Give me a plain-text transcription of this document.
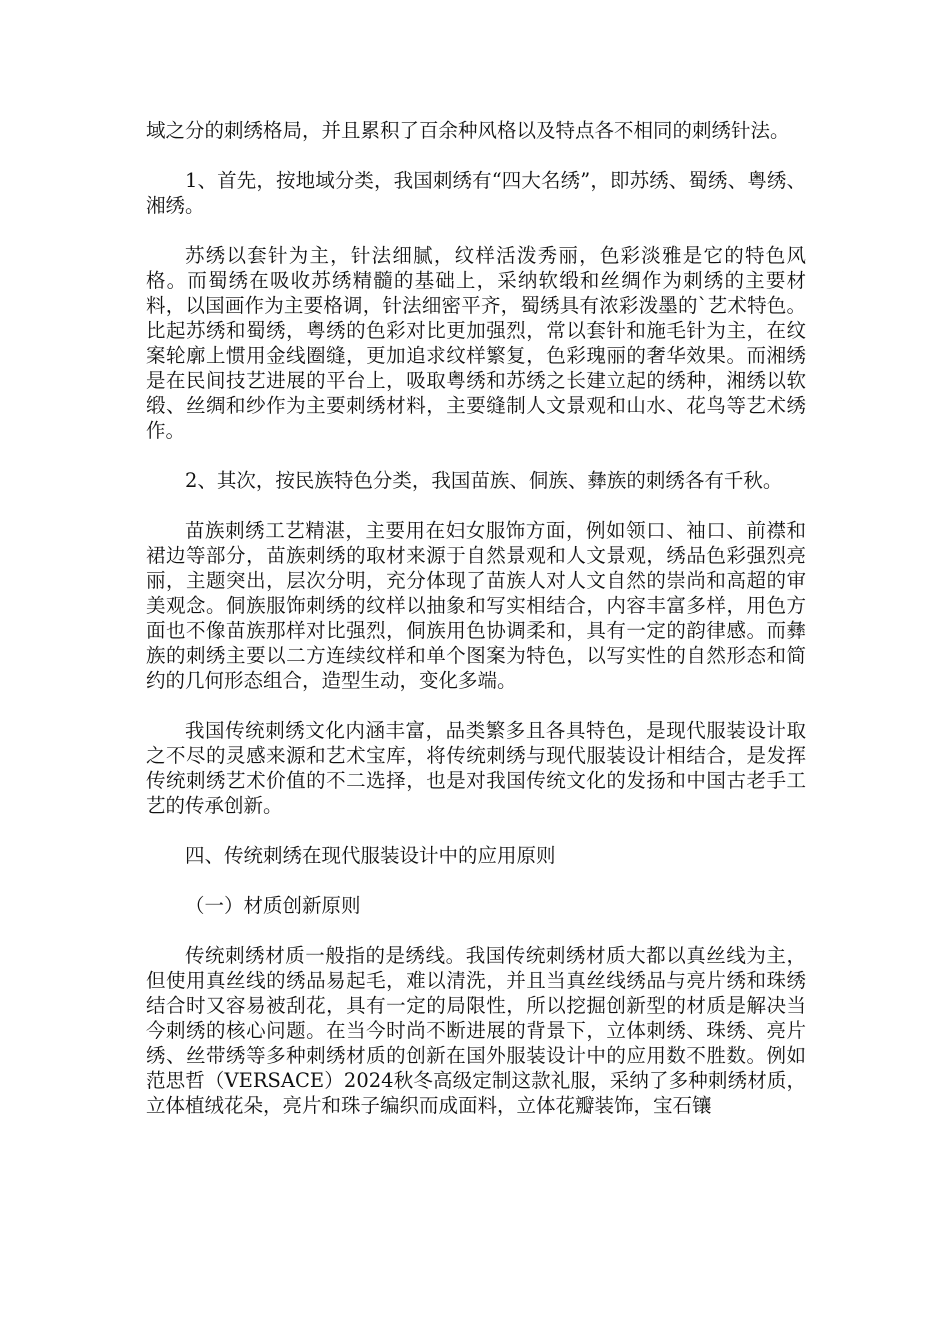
域之分的刺绣格局，并且累积了百余种风格以及特点各不相同的刺绣针法。

1、首先，按地域分类，我国刺绣有“四大名绣”，即苏绣、蜀绣、粤绣、湘绣。

苏绣以套针为主，针法细腻，纹样活泼秀丽，色彩淡雅是它的特色风格。而蜀绣在吸收苏绣精髓的基础上，采纳软缎和丝绸作为刺绣的主要材料，以国画作为主要格调，针法细密平齐，蜀绣具有浓彩泼墨的`艺术特色。比起苏绣和蜀绣，粤绣的色彩对比更加强烈，常以套针和施毛针为主，在纹案轮廓上惯用金线圈缝，更加追求纹样繁复，色彩瑰丽的奢华效果。而湘绣是在民间技艺进展的平台上，吸取粤绣和苏绣之长建立起的绣种，湘绣以软缎、丝绸和纱作为主要刺绣材料，主要缝制人文景观和山水、花鸟等艺术绣作。

2、其次，按民族特色分类，我国苗族、侗族、彝族的刺绣各有千秋。

苗族刺绣工艺精湛，主要用在妇女服饰方面，例如领口、袖口、前襟和裙边等部分，苗族刺绣的取材来源于自然景观和人文景观，绣品色彩强烈亮丽，主题突出，层次分明，充分体现了苗族人对人文自然的崇尚和高超的审美观念。侗族服饰刺绣的纹样以抽象和写实相结合，内容丰富多样，用色方面也不像苗族那样对比强烈，侗族用色协调柔和，具有一定的韵律感。而彝族的刺绣主要以二方连续纹样和单个图案为特色，以写实性的自然形态和简约的几何形态组合，造型生动，变化多端。

我国传统刺绣文化内涵丰富，品类繁多且各具特色，是现代服装设计取之不尽的灵感来源和艺术宝库，将传统刺绣与现代服装设计相结合，是发挥传统刺绣艺术价值的不二选择，也是对我国传统文化的发扬和中国古老手工艺的传承创新。

四、传统刺绣在现代服装设计中的应用原则

（一）材质创新原则

传统刺绣材质一般指的是绣线。我国传统刺绣材质大都以真丝线为主，但使用真丝线的绣品易起毛，难以清洗，并且当真丝线绣品与亮片绣和珠绣结合时又容易被刮花，具有一定的局限性，所以挖掘创新型的材质是解决当今刺绣的核心问题。在当今时尚不断进展的背景下，立体刺绣、珠绣、亮片绣、丝带绣等多种刺绣材质的创新在国外服装设计中的应用数不胜数。例如范思哲（VERSACE）2024秋冬高级定制这款礼服，采纳了多种刺绣材质，立体植绒花朵，亮片和珠子编织而成面料，立体花瓣装饰，宝石镶
